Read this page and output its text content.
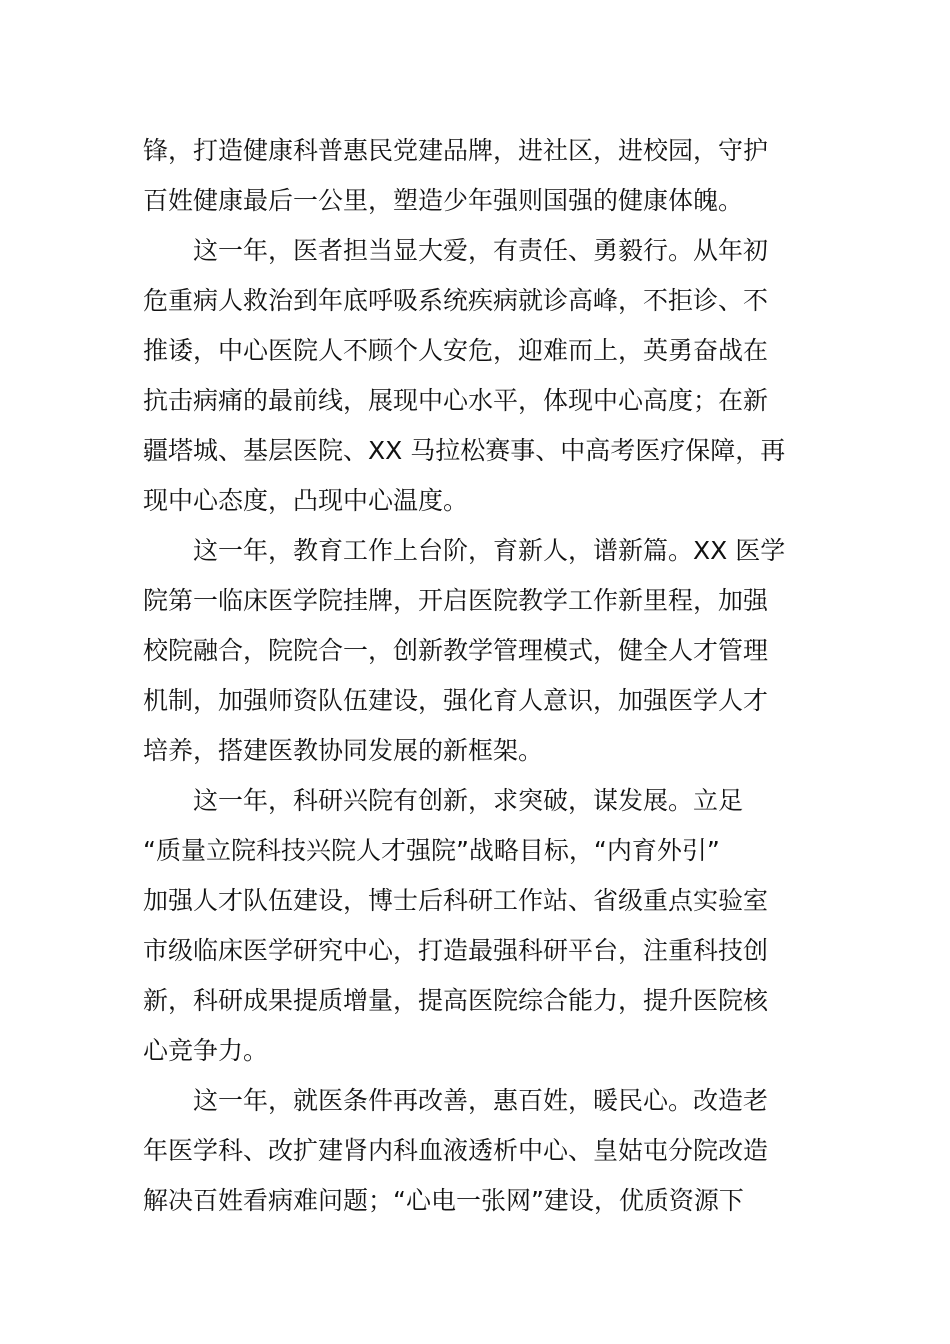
锋，打造健康科普惠民党建品牌，进社区，进校园，守护
百姓健康最后一公里，塑造少年强则国强的健康体魄。
　　这一年，医者担当显大爱，有责任、勇毅行。从年初
危重病人救治到年底呼吸系统疾病就诊高峰，不拒诊、不
推诿，中心医院人不顾个人安危，迎难而上，英勇奋战在
抗击病痛的最前线，展现中心水平，体现中心高度；在新
疆塔城、基层医院、XX 马拉松赛事、中高考医疗保障，再
现中心态度，凸现中心温度。
　　这一年，教育工作上台阶，育新人，谱新篇。XX 医学
院第一临床医学院挂牌，开启医院教学工作新里程，加强
校院融合，院院合一，创新教学管理模式，健全人才管理
机制，加强师资队伍建设，强化育人意识，加强医学人才
培养，搭建医教协同发展的新框架。
　　这一年，科研兴院有创新，求突破，谋发展。立足
“质量立院科技兴院人才强院”战略目标，“内育外引”
加强人才队伍建设，博士后科研工作站、省级重点实验室
市级临床医学研究中心，打造最强科研平台，注重科技创
新，科研成果提质增量，提高医院综合能力，提升医院核
心竞争力。
　　这一年，就医条件再改善，惠百姓，暖民心。改造老
年医学科、改扩建肾内科血液透析中心、皇姑屯分院改造
解决百姓看病难问题；“心电一张网”建设，优质资源下
